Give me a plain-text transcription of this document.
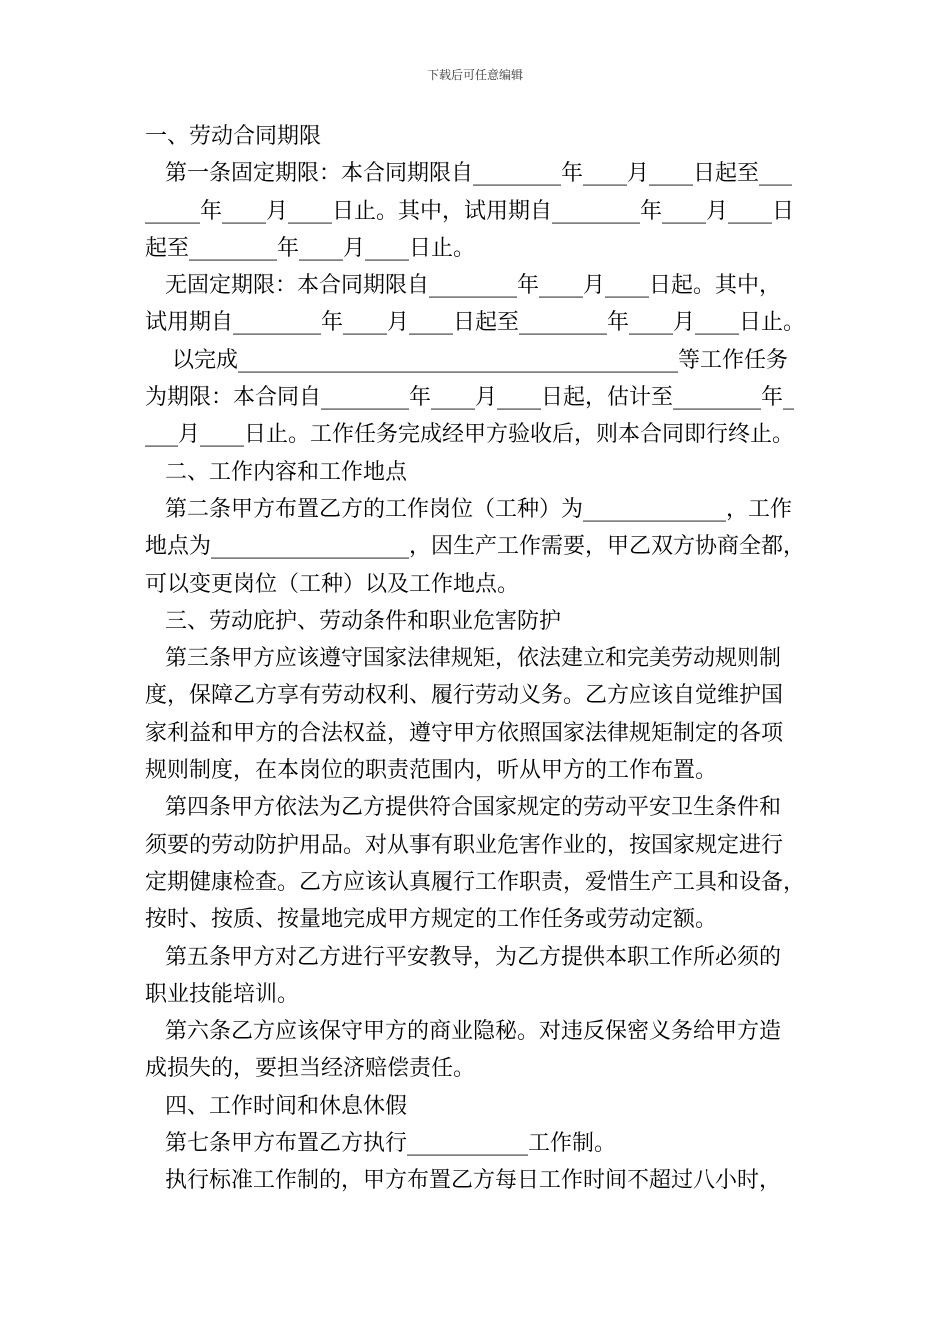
下载后可任意编辑
一、劳动合同期限
第一条固定期限：本合同期限自________年____月____日起至___
_____年____月____日止。其中，试用期自________年____月____日
起至________年____月____日止。
无固定期限：本合同期限自________年____月____日起。其中，
试用期自________年____月____日起至________年____月____日止。
以完成________________________________________等工作任务
为期限：本合同自________年____月____日起，估计至________年_
___月____日止。工作任务完成经甲方验收后，则本合同即行终止。
二、工作内容和工作地点
第二条甲方布置乙方的工作岗位（工种）为_____________，工作
地点为__________________，因生产工作需要，甲乙双方协商全都，
可以变更岗位（工种）以及工作地点。
三、劳动庇护、劳动条件和职业危害防护
第三条甲方应该遵守国家法律规矩，依法建立和完美劳动规则制
度，保障乙方享有劳动权利、履行劳动义务。乙方应该自觉维护国
家利益和甲方的合法权益，遵守甲方依照国家法律规矩制定的各项
规则制度，在本岗位的职责范围内，听从甲方的工作布置。
第四条甲方依法为乙方提供符合国家规定的劳动平安卫生条件和
须要的劳动防护用品。对从事有职业危害作业的，按国家规定进行
定期健康检查。乙方应该认真履行工作职责，爱惜生产工具和设备，
按时、按质、按量地完成甲方规定的工作任务或劳动定额。
第五条甲方对乙方进行平安教导，为乙方提供本职工作所必须的
职业技能培训。
第六条乙方应该保守甲方的商业隐秘。对违反保密义务给甲方造
成损失的，要担当经济赔偿责任。
四、工作时间和休息休假
第七条甲方布置乙方执行___________工作制。
执行标准工作制的，甲方布置乙方每日工作时间不超过八小时，
